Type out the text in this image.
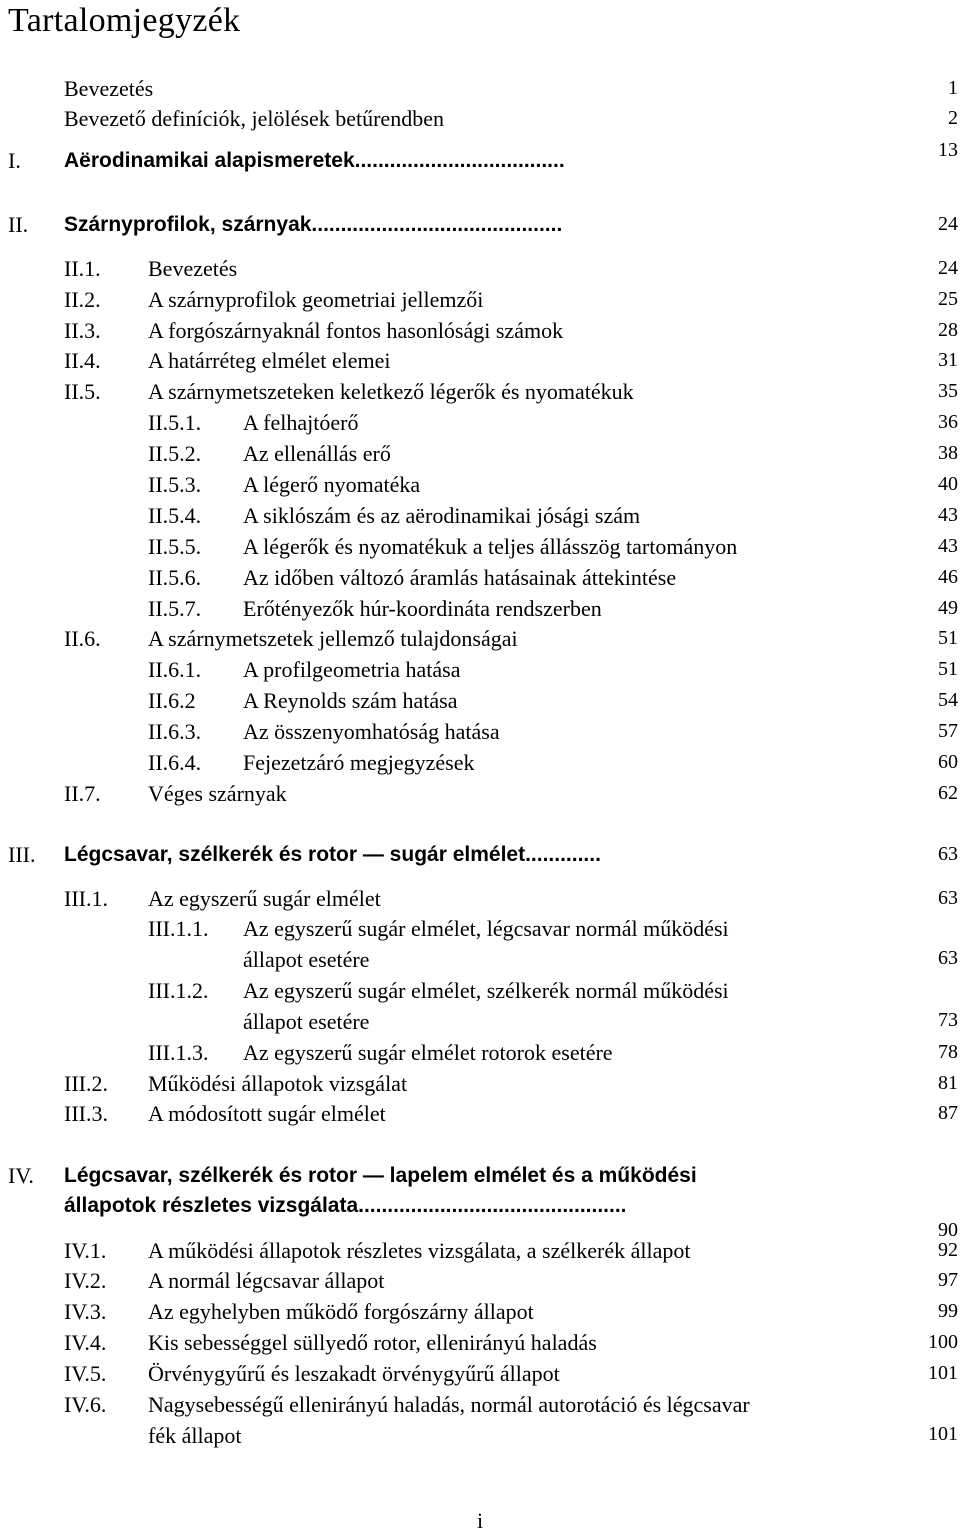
Tartalomjegyzék
Bevezetés	1
Bevezető definíciók, jelölések betűrendben	2
I. Aërodinamikai alapismeretek....................................	13
II. Szárnyprofilok, szárnyak...........................................	24
II.1. Bevezetés	24
II.2. A szárnyprofilok geometriai jellemzői	25
II.3. A forgószárnyaknál fontos hasonlósági számok	28
II.4. A határréteg elmélet elemei	31
II.5. A szárnymetszeteken keletkező légerők és nyomatékuk	35
II.5.1. A felhajtóerő	36
II.5.2. Az ellenállás erő	38
II.5.3. A légerő nyomatéka	40
II.5.4. A siklószám és az aërodinamikai jósági szám	43
II.5.5. A légerők és nyomatékuk a teljes állásszög tartományon	43
II.5.6. Az időben változó áramlás hatásainak áttekintése	46
II.5.7. Erőtényezők húr-koordináta rendszerben	49
II.6. A szárnymetszetek jellemző tulajdonságai	51
II.6.1. A profilgeometria hatása	51
II.6.2 A Reynolds szám hatása	54
II.6.3. Az összenyomhatóság hatása	57
II.6.4. Fejezetzáró megjegyzések	60
II.7. Véges szárnyak	62
III. Légcsavar, szélkerék és rotor — sugár elmélet.............	63
III.1. Az egyszerű sugár elmélet	63
III.1.1. Az egyszerű sugár elmélet, légcsavar normál működési
állapot esetére	63
III.1.2. Az egyszerű sugár elmélet, szélkerék normál működési
állapot esetére	73
III.1.3. Az egyszerű sugár elmélet rotorok esetére	78
III.2. Működési állapotok vizsgálat	81
III.3. A módosított sugár elmélet	87
IV. Légcsavar, szélkerék és rotor — lapelem elmélet és a működési
állapotok részletes vizsgálata..............................................
90
IV.1. A működési állapotok részletes vizsgálata, a szélkerék állapot	92
IV.2. A normál légcsavar állapot	97
IV.3. Az egyhelyben működő forgószárny állapot	99
IV.4. Kis sebességgel süllyedő rotor, ellenirányú haladás	100
IV.5. Örvénygyűrű és leszakadt örvénygyűrű állapot	101
IV.6. Nagysebességű ellenirányú haladás, normál autorotáció és légcsavar
fék állapot	101
i
